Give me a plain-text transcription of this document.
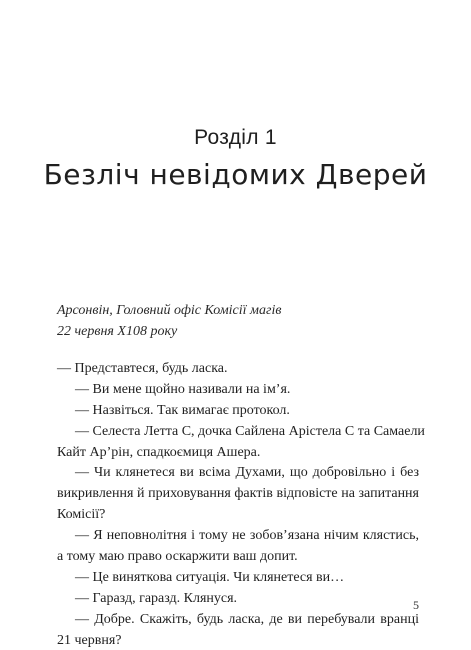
Розділ 1
Безліч невідомих Дверей
Арсонвін, Головний офіс Комісії магів
22 червня Х108 року
— Представтеся, будь ласка.
— Ви мене щойно називали на ім’я.
— Назвіться. Так вимагає протокол.
— Селеста Летта С, дочка Сайлена Арістела С та Самаели
Кайт Ар’рін, спадкоємиця Ашера.
— Чи клянетеся ви всіма Духами, що добровільно і без
викривлення й приховування фактів відповісте на запитання
Комісії?
— Я неповнолітня і тому не зобов’язана нічим клястись,
а тому маю право оскаржити ваш допит.
— Це виняткова ситуація. Чи клянетеся ви…
— Гаразд, гаразд. Клянуся.
— Добре. Скажіть, будь ласка, де ви перебували вранці
21 червня?
5
